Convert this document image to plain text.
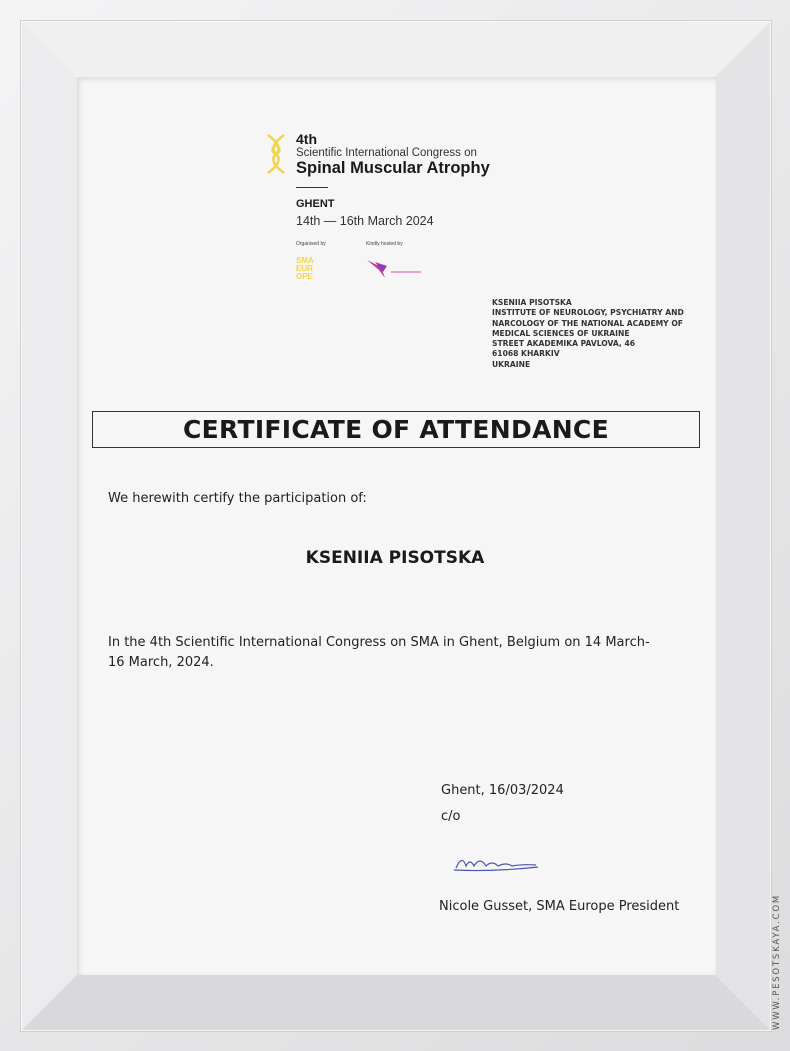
4th
Scientific International Congress on
Spinal Muscular Atrophy
GHENT
14th — 16th March 2024
Organised by	Kindly hosted by
SMA EUR OPE
KSENIIA PISOTSKA
INSTITUTE OF NEUROLOGY, PSYCHIATRY AND
NARCOLOGY OF THE NATIONAL ACADEMY OF
MEDICAL SCIENCES OF UKRAINE
STREET AKADEMIKA PAVLOVA, 46
61068 KHARKIV
UKRAINE
CERTIFICATE OF ATTENDANCE
We herewith certify the participation of:
KSENIIA PISOTSKA
In the 4th Scientific International Congress on SMA in Ghent, Belgium on 14 March-
16 March, 2024.
Ghent, 16/03/2024
c/o
Nicole Gusset, SMA Europe President	WWW.PESOTSKAYA.COM
